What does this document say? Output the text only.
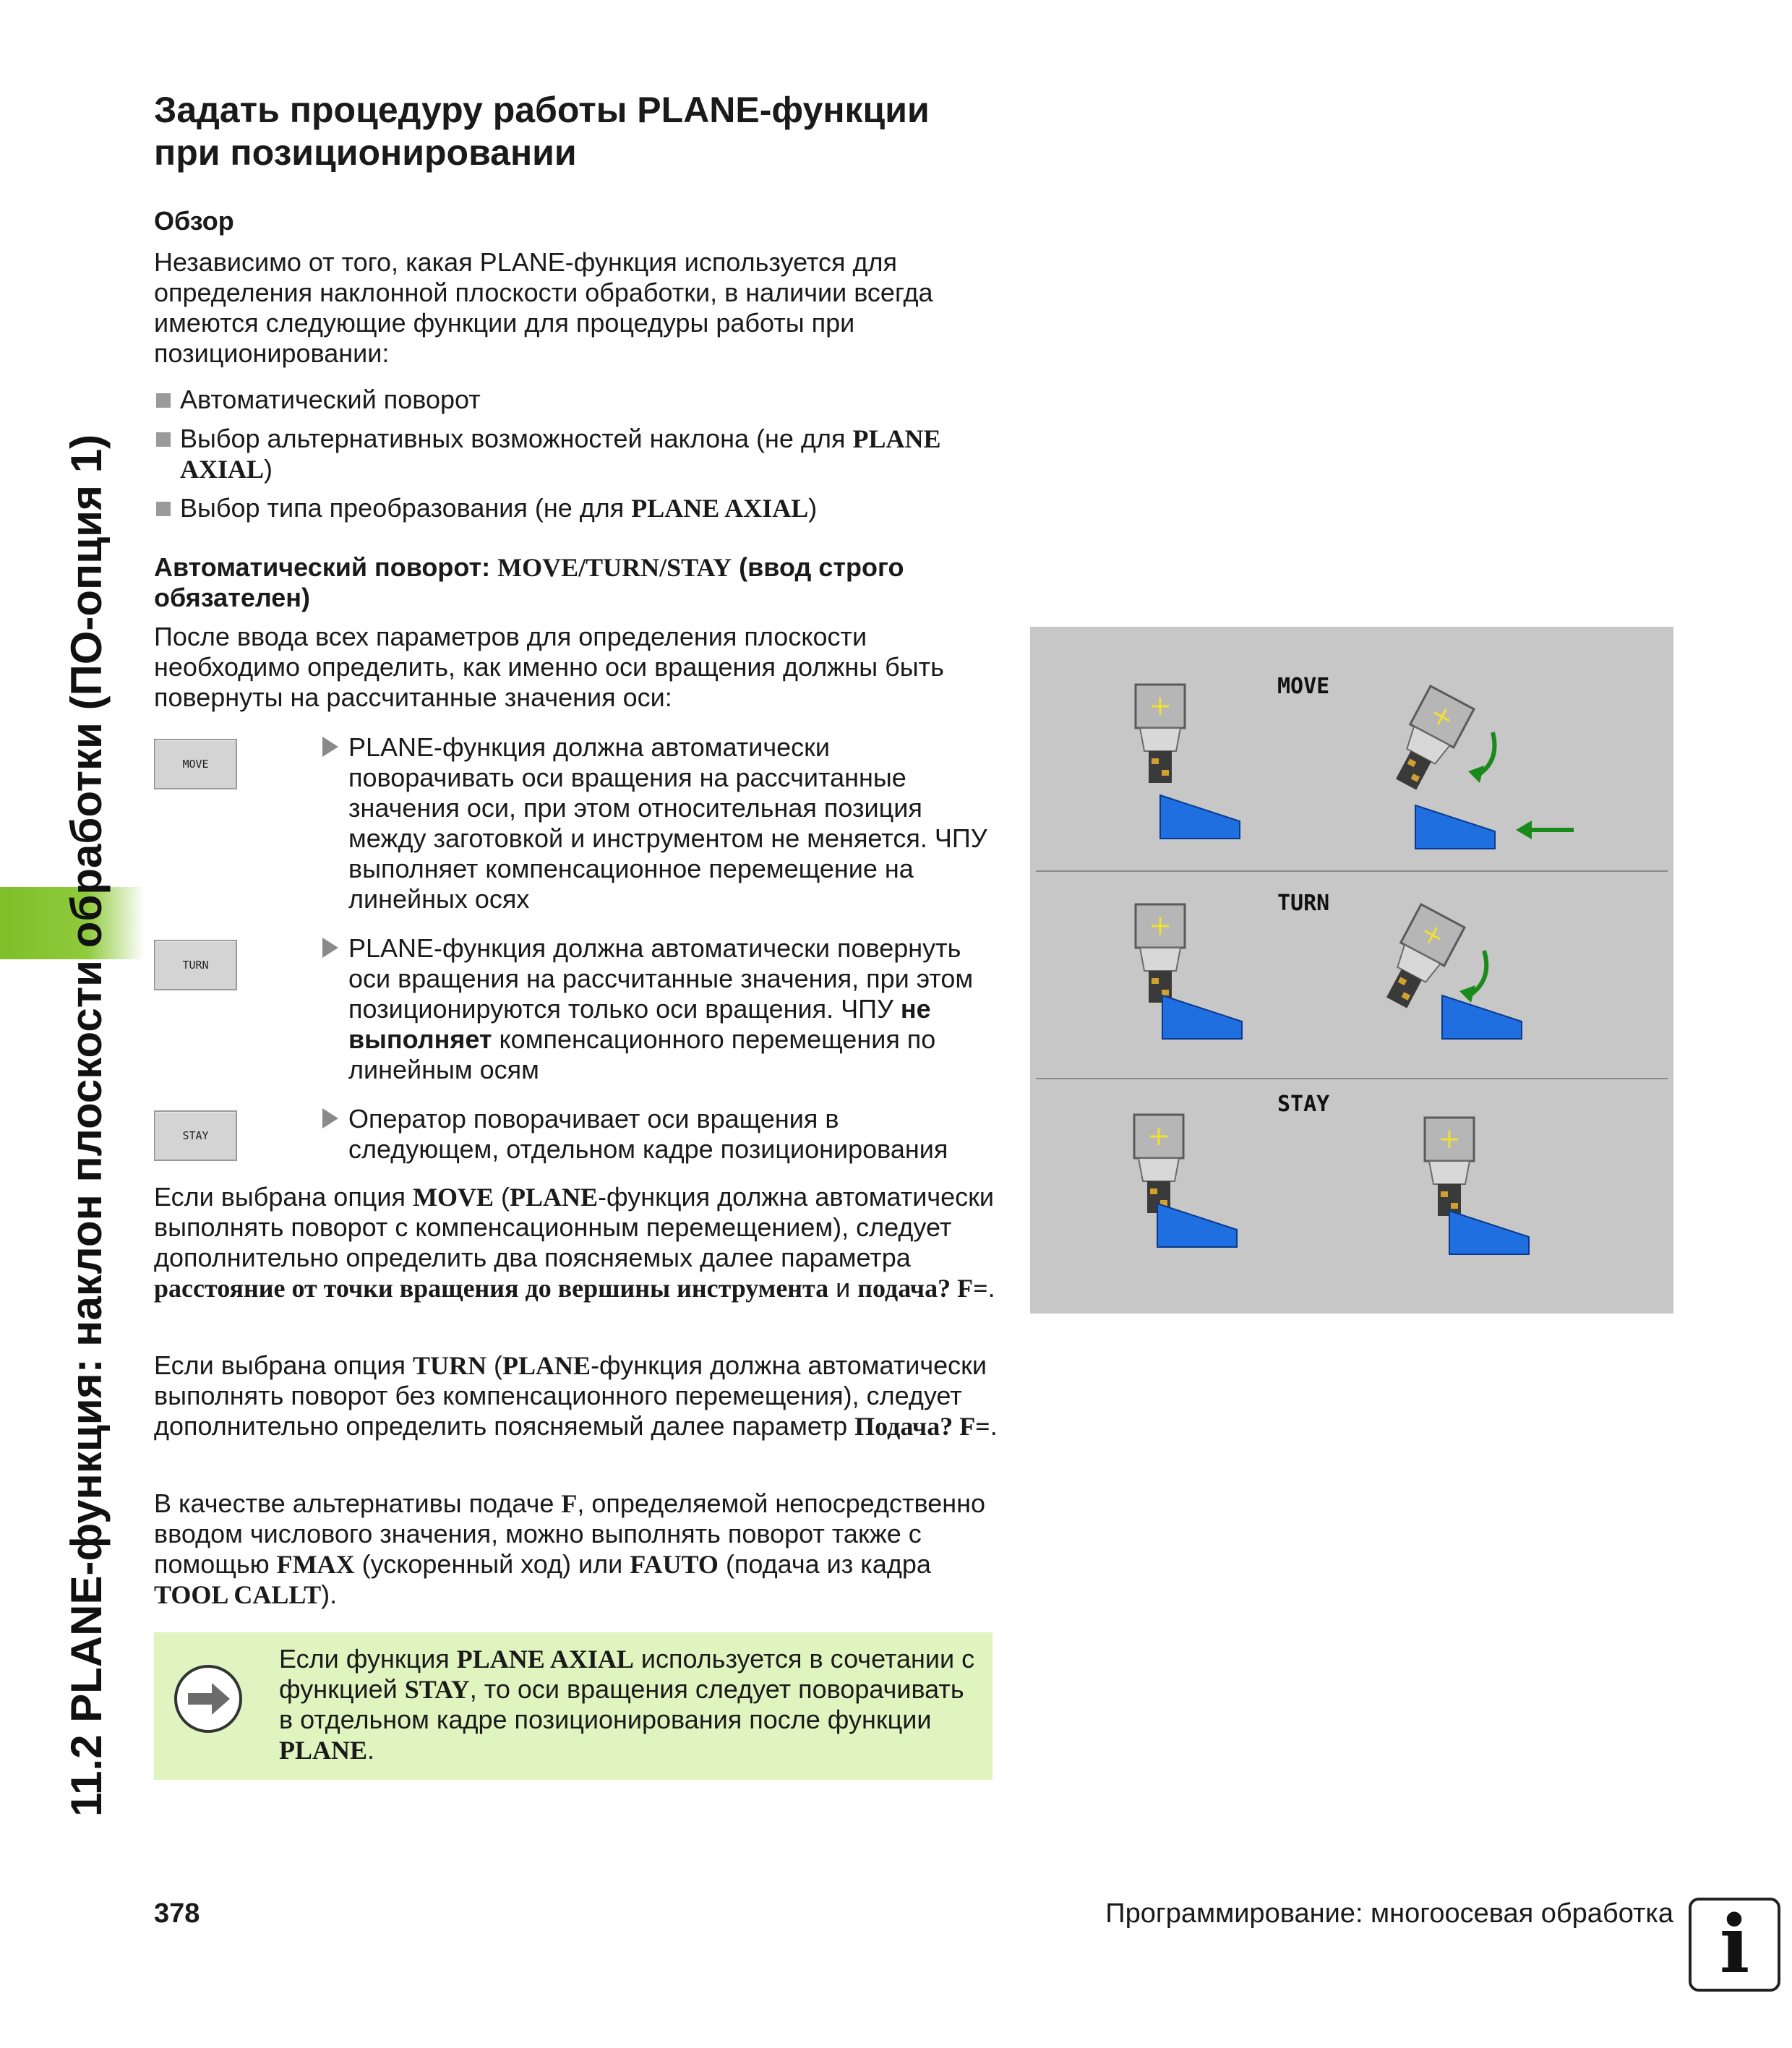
11.2 PLANE-функция: наклон плоскости обработки (ПО-опция 1)
Задать процедуру работы PLANE-функции
при позиционировании

Обзор

Независимо от того, какая PLANE-функция используется для определения наклонной плоскости обработки, в наличии всегда имеются следующие функции для процедуры работы при позиционировании:

Автоматический поворот

Выбор альтернативных возможностей наклона (не для PLANE AXIAL)

Выбор типа преобразования (не для PLANE AXIAL)

Автоматический поворот: MOVE/TURN/STAY (ввод строго обязателен)

После ввода всех параметров для определения плоскости необходимо определить, как именно оси вращения должны быть повернуты на рассчитанные значения оси:

MOVE
PLANE-функция должна автоматически поворачивать оси вращения на рассчитанные значения оси, при этом относительная позиция между заготовкой и инструментом не меняется. ЧПУ выполняет компенсационное перемещение на линейных осях
TURN
PLANE-функция должна автоматически повернуть оси вращения на рассчитанные значения, при этом позиционируются только оси вращения. ЧПУ не выполняет компенсационного перемещения по линейным осям
STAY
Оператор поворачивает оси вращения в следующем, отдельном кадре позиционирования

Если выбрана опция MOVE (PLANE-функция должна автоматически выполнять поворот с компенсационным перемещением), следует дополнительно определить два поясняемых далее параметра расстояние от точки вращения до вершины инструмента и подача? F=.

Если выбрана опция TURN (PLANE-функция должна автоматически выполнять поворот без компенсационного перемещения), следует дополнительно определить поясняемый далее параметр Подача? F=.

В качестве альтернативы подаче F, определяемой непосредственно вводом числового значения, можно выполнять поворот также с помощью FMAX (ускоренный ход) или FAUTO (подача из кадра TOOL CALLT).

Если функция PLANE AXIAL используется в сочетании с функцией STAY, то оси вращения следует поворачивать в отдельном кадре позиционирования после функции PLANE.

MOVE
TURN
STAY
378	Программирование: многоосевая обработка i
